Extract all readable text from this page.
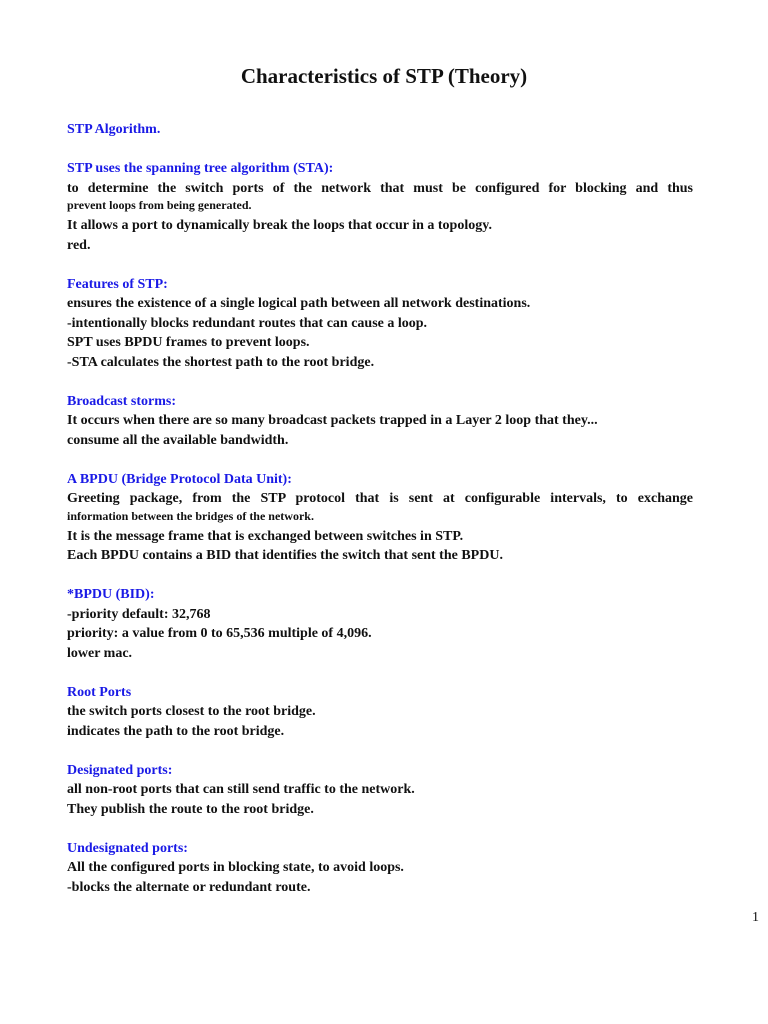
Characteristics of STP (Theory)
STP Algorithm.
STP uses the spanning tree algorithm (STA):
to determine the switch ports of the network that must be configured for blocking and thus
prevent loops from being generated.
It allows a port to dynamically break the loops that occur in a topology.
red.
Features of STP:
ensures the existence of a single logical path between all network destinations.
-intentionally blocks redundant routes that can cause a loop.
SPT uses BPDU frames to prevent loops.
-STA calculates the shortest path to the root bridge.
Broadcast storms:
It occurs when there are so many broadcast packets trapped in a Layer 2 loop that they...
consume all the available bandwidth.
A BPDU (Bridge Protocol Data Unit):
Greeting package, from the STP protocol that is sent at configurable intervals, to exchange
information between the bridges of the network.
It is the message frame that is exchanged between switches in STP.
Each BPDU contains a BID that identifies the switch that sent the BPDU.
*BPDU (BID):
-priority default: 32,768
priority: a value from 0 to 65,536 multiple of 4,096.
lower mac.
Root Ports
the switch ports closest to the root bridge.
indicates the path to the root bridge.
Designated ports:
all non-root ports that can still send traffic to the network.
They publish the route to the root bridge.
Undesignated ports:
All the configured ports in blocking state, to avoid loops.
-blocks the alternate or redundant route.
1
